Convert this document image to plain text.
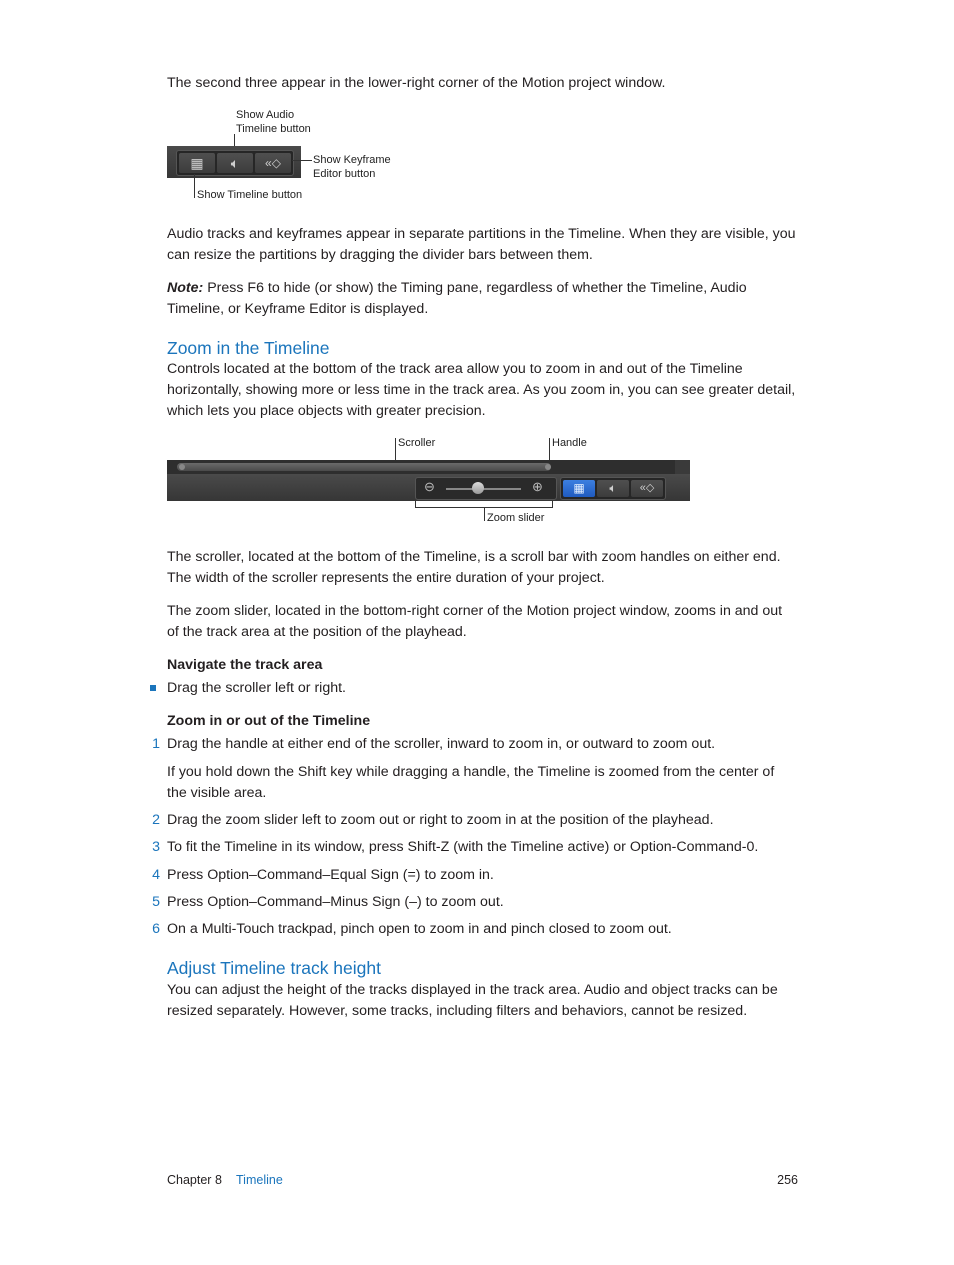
The second three appear in the lower-right corner of the Motion project window.
Show Audio
Timeline button
▦	🔈︎	«◇	Show Keyframe
Editor button
Show Timeline button
Audio tracks and keyframes appear in separate partitions in the Timeline. When they are visible, you can resize the partitions by dragging the divider bars between them.
Note: Press F6 to hide (or show) the Timing pane, regardless of whether the Timeline, Audio Timeline, or Keyframe Editor is displayed.
Zoom in the Timeline
Controls located at the bottom of the track area allow you to zoom in and out of the Timeline horizontally, showing more or less time in the track area. As you zoom in, you can see greater detail, which lets you place objects with greater precision.
Scroller	Handle
⊖	⊕	▦	🔈︎	«◇
Zoom slider
The scroller, located at the bottom of the Timeline, is a scroll bar with zoom handles on either end. The width of the scroller represents the entire duration of your project.
The zoom slider, located in the bottom-right corner of the Motion project window, zooms in and out of the track area at the position of the playhead.
Navigate the track area
Drag the scroller left or right.
Zoom in or out of the Timeline
1 Drag the handle at either end of the scroller, inward to zoom in, or outward to zoom out.
If you hold down the Shift key while dragging a handle, the Timeline is zoomed from the center of the visible area.
2 Drag the zoom slider left to zoom out or right to zoom in at the position of the playhead.
3 To fit the Timeline in its window, press Shift-Z (with the Timeline active) or Option-Command-0.
4 Press Option–Command–Equal Sign (=) to zoom in.
5 Press Option–Command–Minus Sign (–) to zoom out.
6 On a Multi-Touch trackpad, pinch open to zoom in and pinch closed to zoom out.
Adjust Timeline track height
You can adjust the height of the tracks displayed in the track area. Audio and object tracks can be resized separately. However, some tracks, including filters and behaviors, cannot be resized.
Chapter 8 Timeline	256
